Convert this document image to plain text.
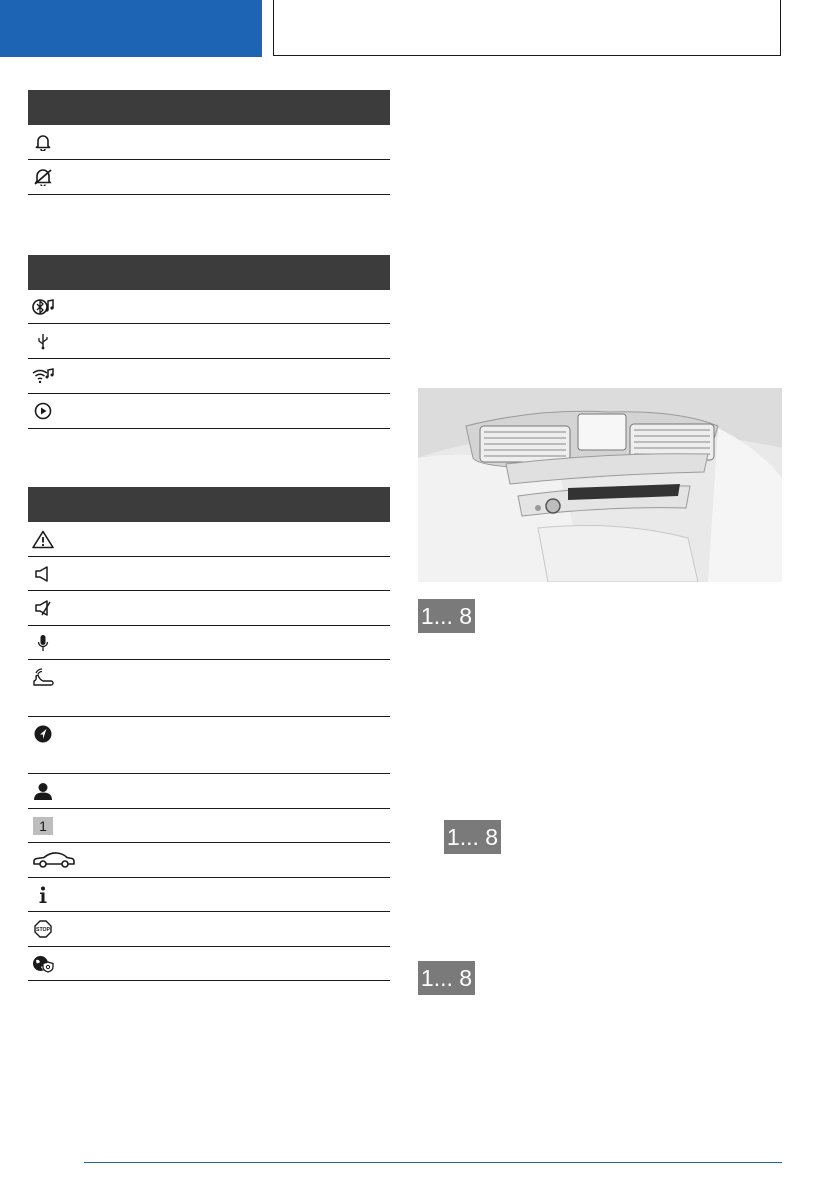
1
STOP
1... 8
1... 8
1... 8
